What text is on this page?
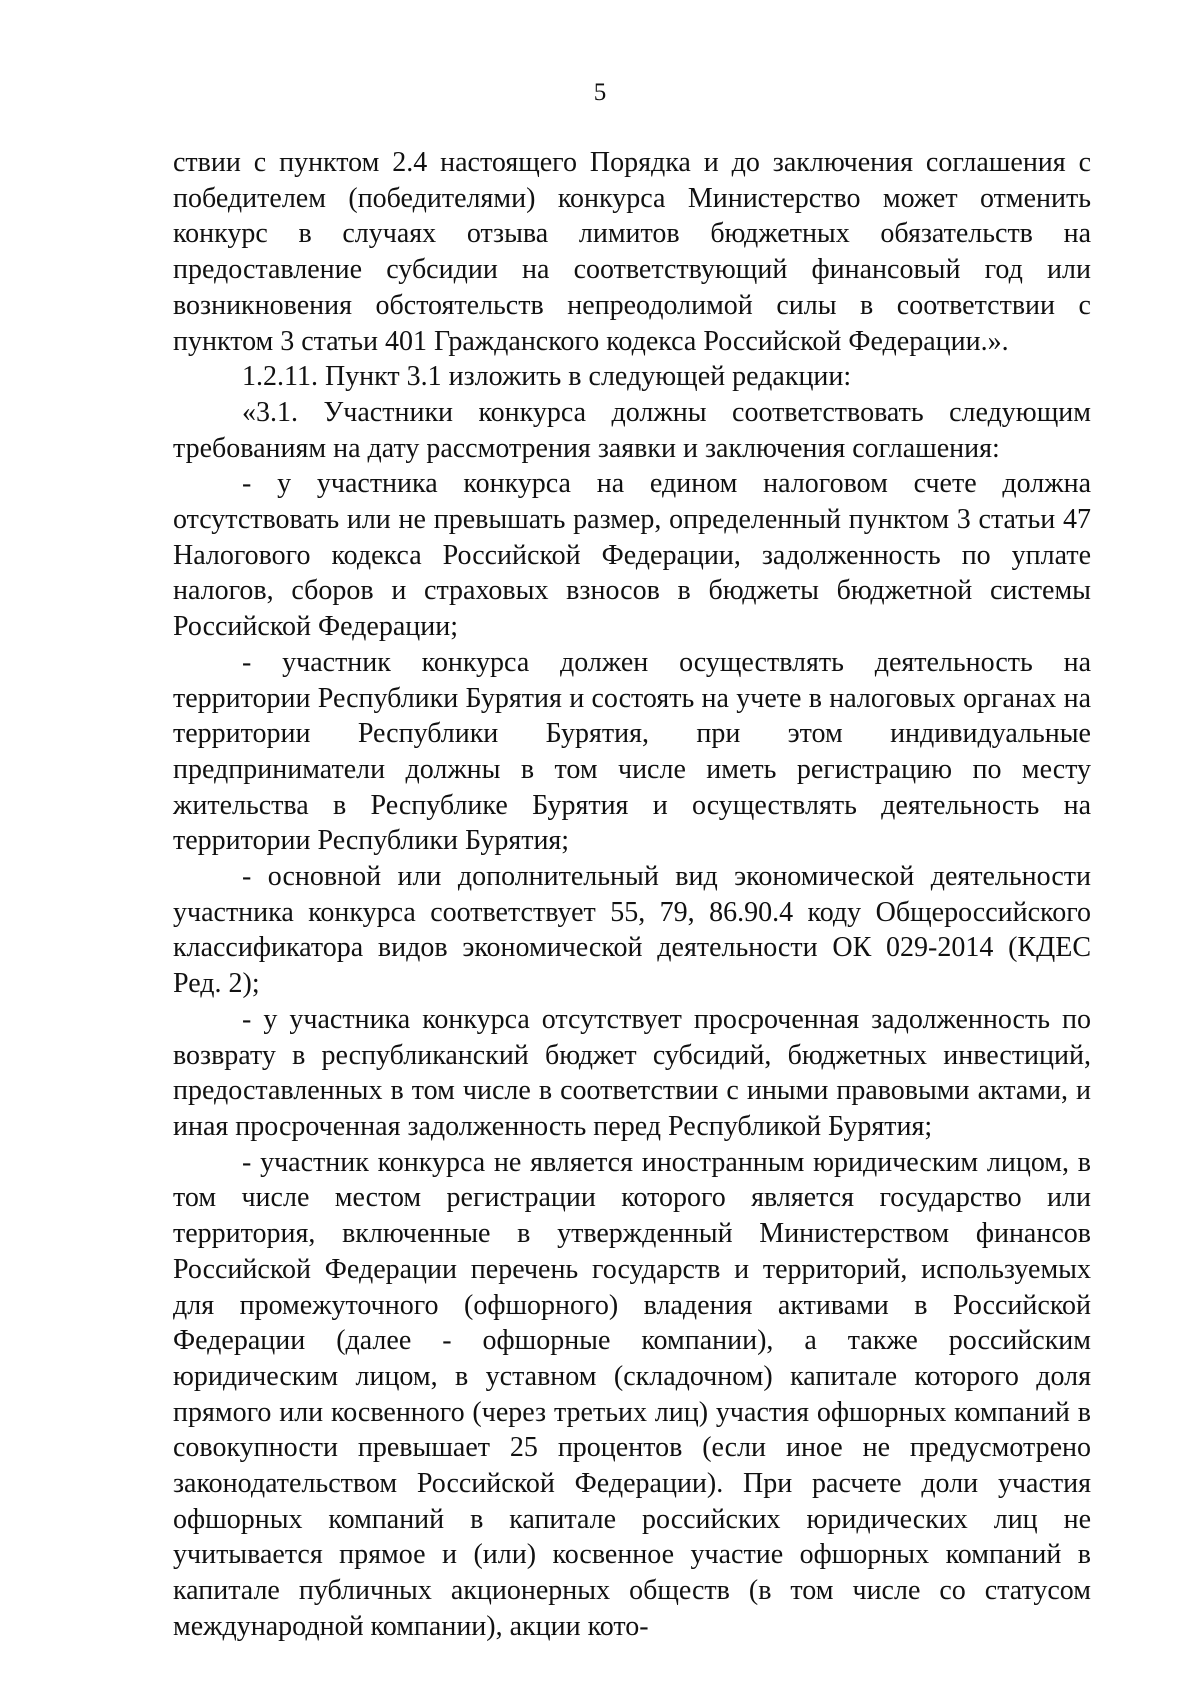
5

ствии с пунктом 2.4 настоящего Порядка и до заключения соглашения с победителем (победителями) конкурса Министерство может отменить конкурс в случаях отзыва лимитов бюджетных обязательств на предоставление субсидии на соответствующий финансовый год или возникновения обстоятельств непреодолимой силы в соответствии с пунктом 3 статьи 401 Гражданского кодекса Российской Федерации.».

1.2.11. Пункт 3.1 изложить в следующей редакции:

«3.1. Участники конкурса должны соответствовать следующим требованиям на дату рассмотрения заявки и заключения соглашения:

- у участника конкурса на едином налоговом счете должна отсутствовать или не превышать размер, определенный пунктом 3 статьи 47 Налогового кодекса Российской Федерации, задолженность по уплате налогов, сборов и страховых взносов в бюджеты бюджетной системы Российской Федерации;

- участник конкурса должен осуществлять деятельность на территории Республики Бурятия и состоять на учете в налоговых органах на территории Республики Бурятия, при этом индивидуальные предприниматели должны в том числе иметь регистрацию по месту жительства в Республике Бурятия и осуществлять деятельность на территории Республики Бурятия;

- основной или дополнительный вид экономической деятельности участника конкурса соответствует 55, 79, 86.90.4 коду Общероссийского классификатора видов экономической деятельности ОК 029-2014 (КДЕС Ред. 2);

- у участника конкурса отсутствует просроченная задолженность по возврату в республиканский бюджет субсидий, бюджетных инвестиций, предоставленных в том числе в соответствии с иными правовыми актами, и иная просроченная задолженность перед Республикой Бурятия;

- участник конкурса не является иностранным юридическим лицом, в том числе местом регистрации которого является государство или территория, включенные в утвержденный Министерством финансов Российской Федерации перечень государств и территорий, используемых для промежуточного (офшорного) владения активами в Российской Федерации (далее - офшорные компании), а также российским юридическим лицом, в уставном (складочном) капитале которого доля прямого или косвенного (через третьих лиц) участия офшорных компаний в совокупности превышает 25 процентов (если иное не предусмотрено законодательством Российской Федерации). При расчете доли участия офшорных компаний в капитале российских юридических лиц не учитывается прямое и (или) косвенное участие офшорных компаний в капитале публичных акционерных обществ (в том числе со статусом международной компании), акции кото-
